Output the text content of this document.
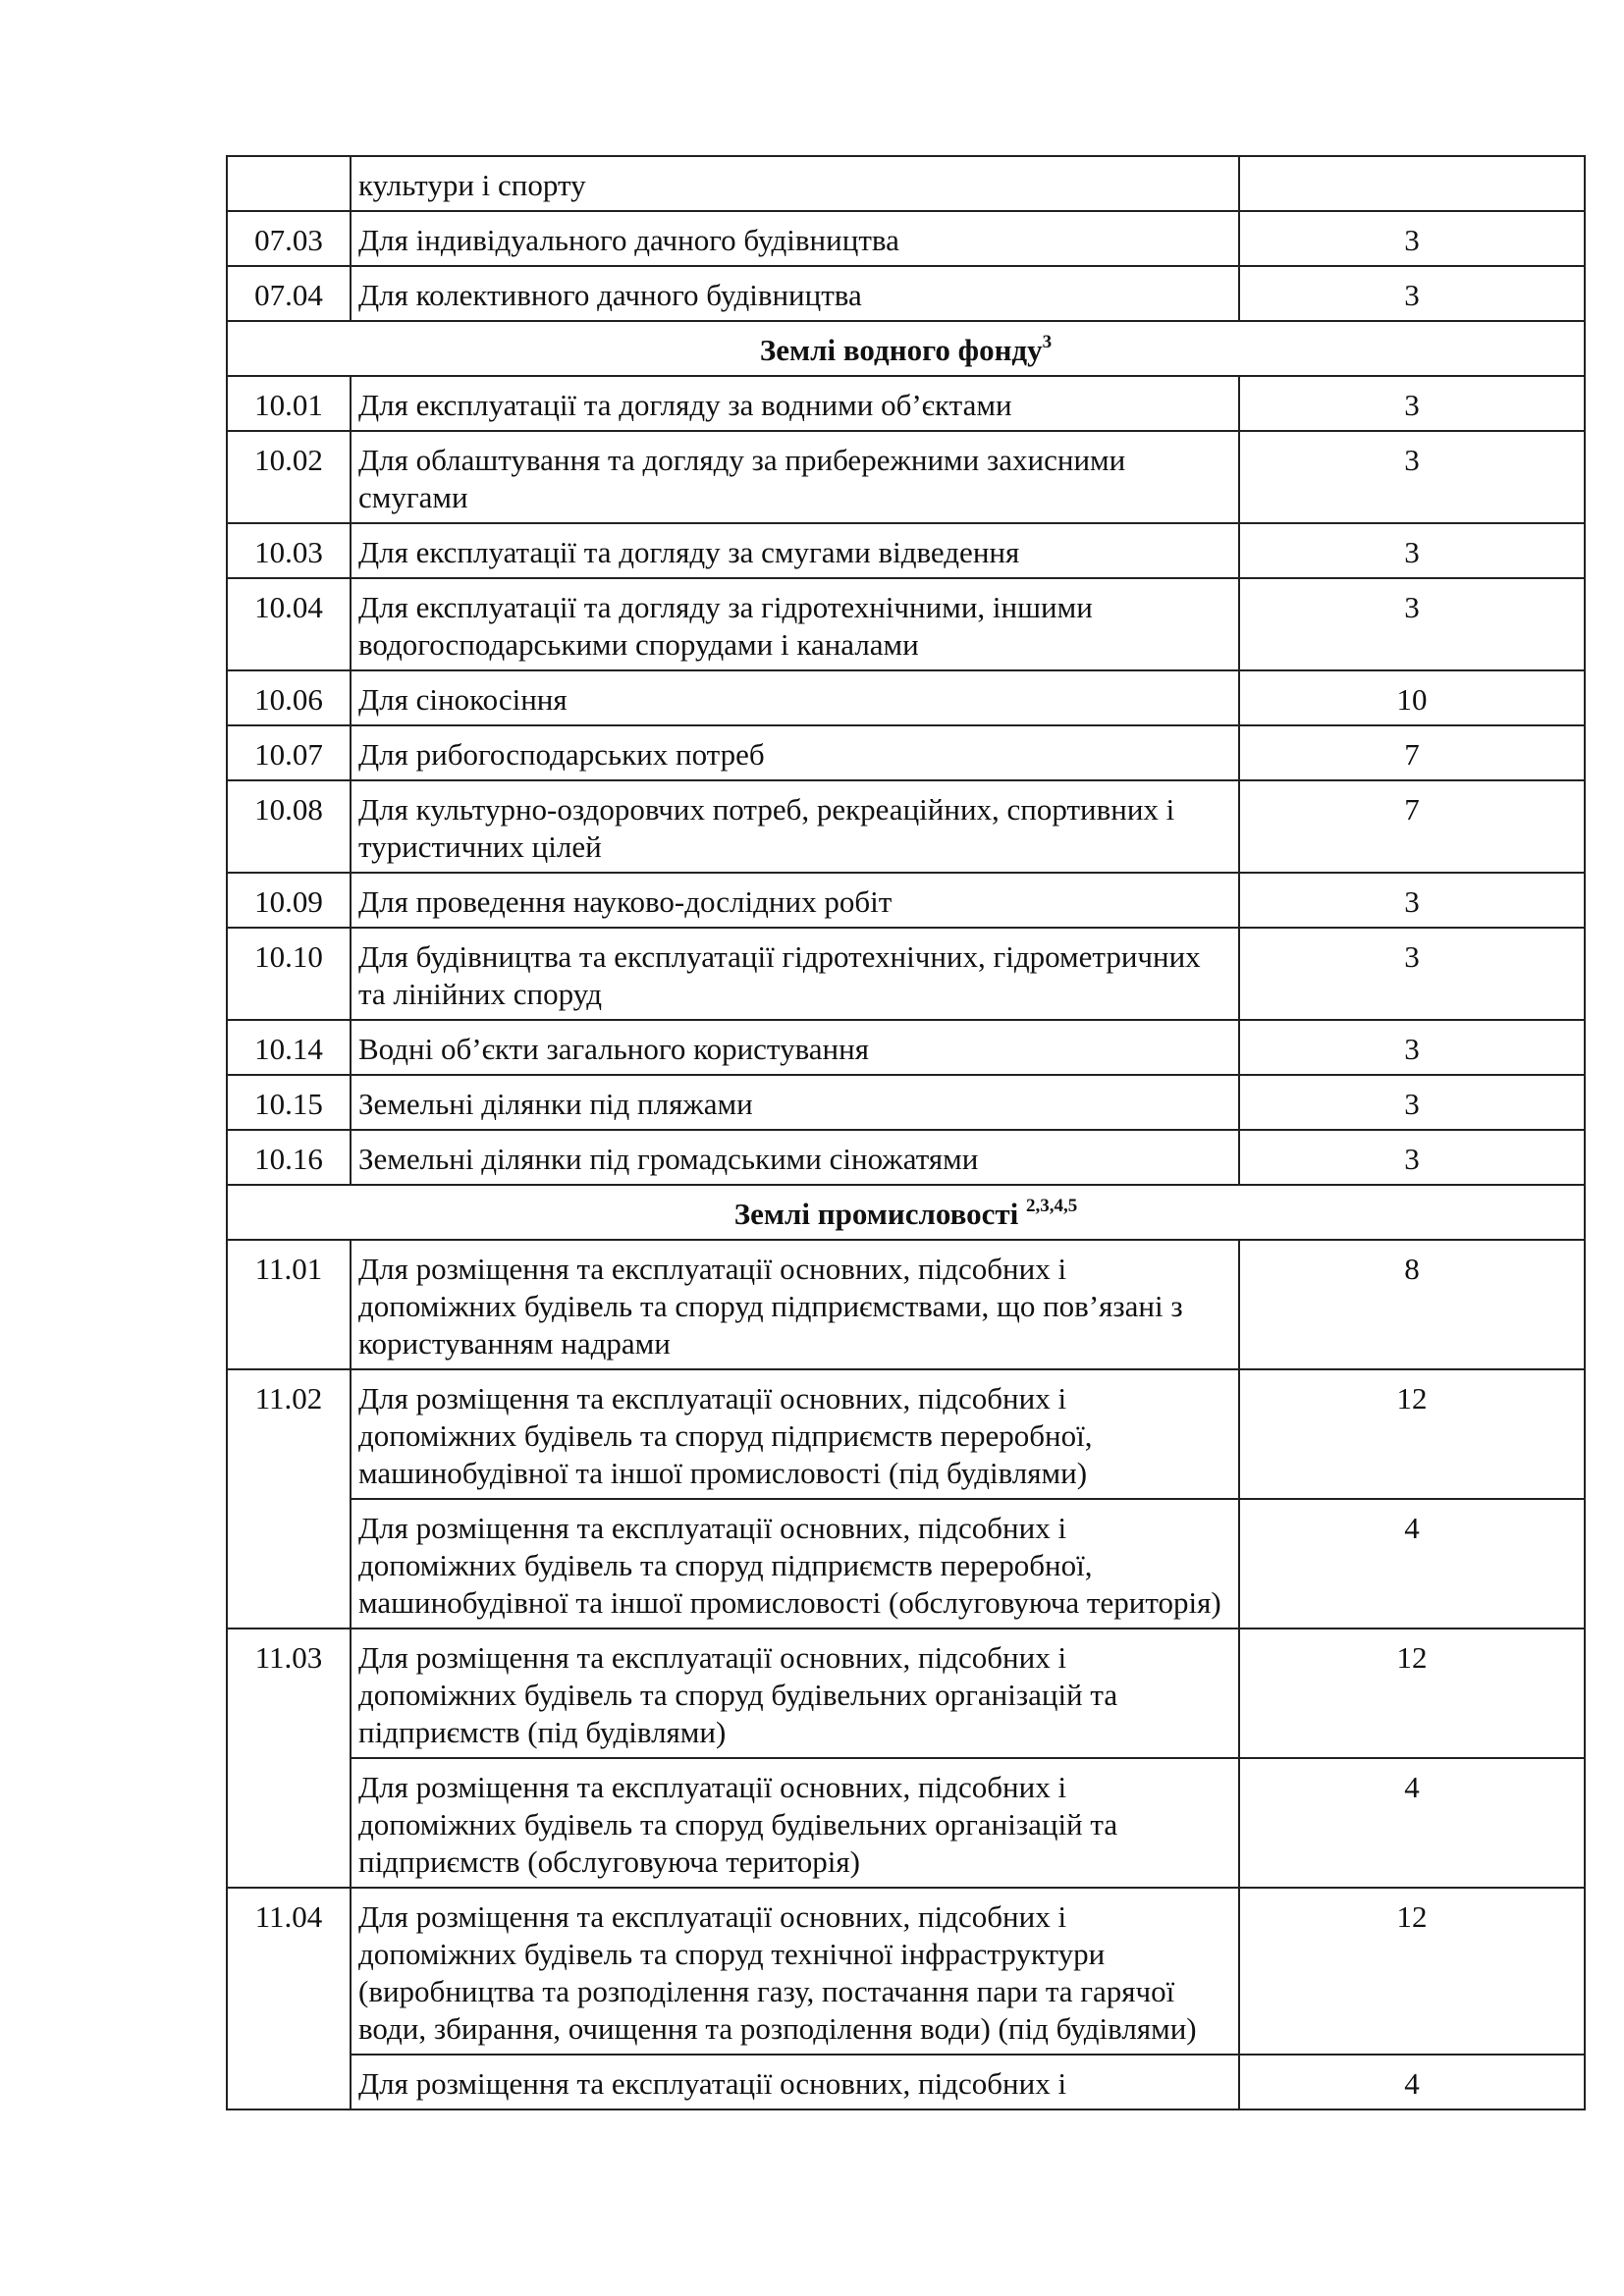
	культури і спорту	
07.03	Для індивідуального дачного будівництва	3
07.04	Для колективного дачного будівництва	3
Землі водного фонду$^3$
10.01	Для експлуатації та догляду за водними об’єктами	3
10.02	Для облаштування та догляду за прибережними захисними смугами	3
10.03	Для експлуатації та догляду за смугами відведення	3
10.04	Для експлуатації та догляду за гідротехнічними, іншими водогосподарськими спорудами і каналами	3
10.06	Для сінокосіння	10
10.07	Для рибогосподарських потреб	7
10.08	Для культурно-оздоровчих потреб, рекреаційних, спортивних і туристичних цілей	7
10.09	Для проведення науково-дослідних робіт	3
10.10	Для будівництва та експлуатації гідротехнічних, гідрометричних та лінійних споруд	3
10.14	Водні об’єкти загального користування	3
10.15	Земельні ділянки під пляжами	3
10.16	Земельні ділянки під громадськими сіножатями	3
Землі промисловості $^{2,3,4,5}$
11.01	Для розміщення та експлуатації основних, підсобних і допоміжних будівель та споруд підприємствами, що пов’язані з користуванням надрами	8
11.02	Для розміщення та експлуатації основних, підсобних і допоміжних будівель та споруд підприємств переробної, машинобудівної та іншої промисловості (під будівлями)	12
	Для розміщення та експлуатації основних, підсобних і допоміжних будівель та споруд підприємств переробної, машинобудівної та іншої промисловості (обслуговуюча територія)	4
11.03	Для розміщення та експлуатації основних, підсобних і допоміжних будівель та споруд будівельних організацій та підприємств (під будівлями)	12
	Для розміщення та експлуатації основних, підсобних і допоміжних будівель та споруд будівельних організацій та підприємств (обслуговуюча територія)	4
11.04	Для розміщення та експлуатації основних, підсобних і допоміжних будівель та споруд технічної інфраструктури (виробництва та розподілення газу, постачання пари та гарячої води, збирання, очищення та розподілення води) (під будівлями)	12
	Для розміщення та експлуатації основних, підсобних і	4
